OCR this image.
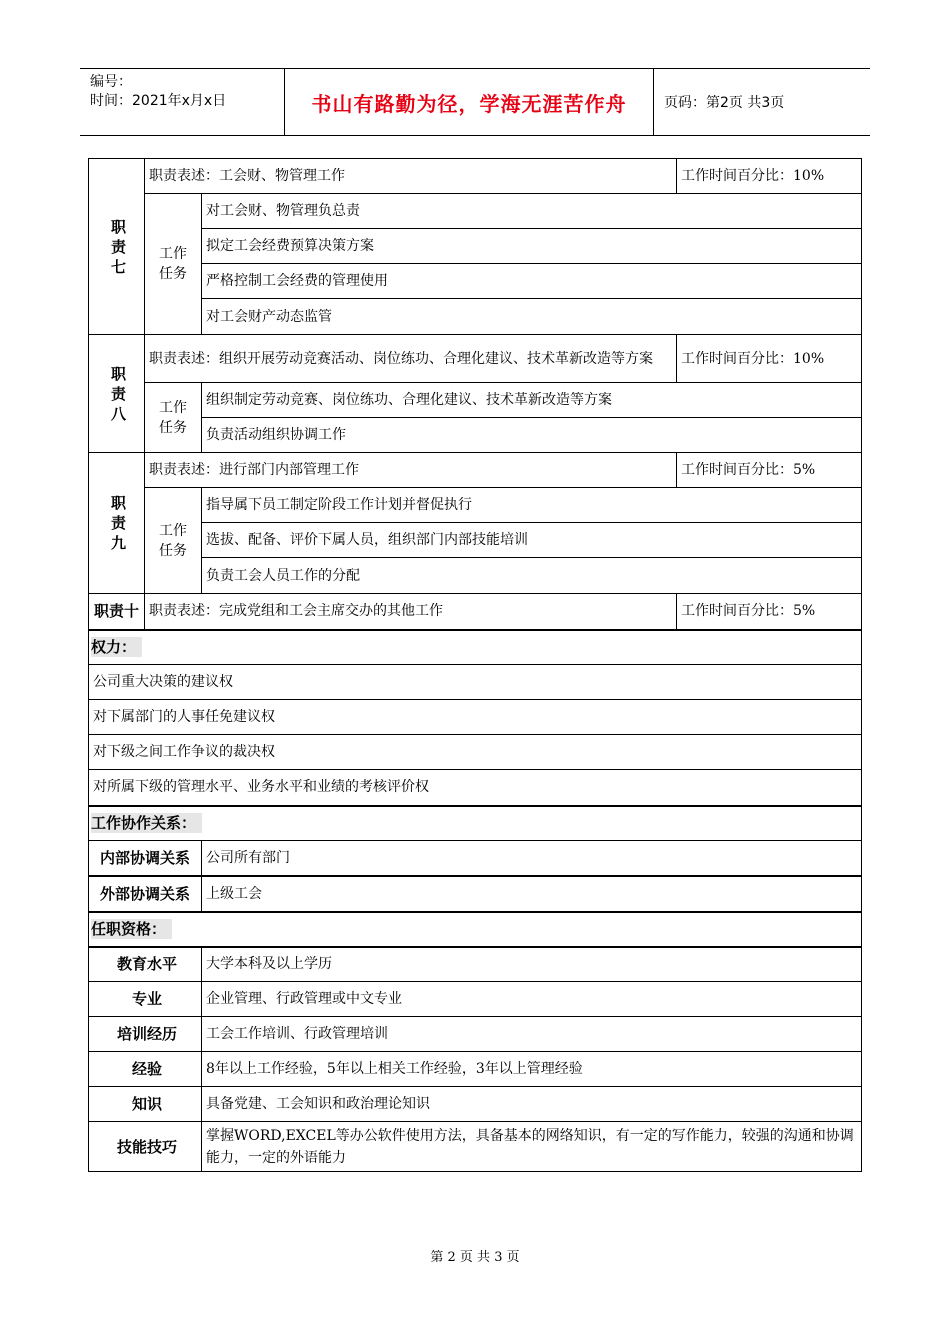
编号：
时间：2021年x月x日	书山有路勤为径，学海无涯苦作舟	页码：第2页 共3页
职
责
七	职责表述：工会财、物管理工作		工作时间百分比：10%

	工作
任务	对工会财、物管理负总责	
		拟定工会经费预算决策方案	
		严格控制工会经费的管理使用	
		对工会财产动态监管	

职
责
八	职责表述：组织开展劳动竞赛活动、岗位练功、合理化建议、技术革新改造等方案		工作时间百分比：10%

	工作
任务	组织制定劳动竞赛、岗位练功、合理化建议、技术革新改造等方案	
		负责活动组织协调工作	

职
责
九	职责表述：进行部门内部管理工作		工作时间百分比：5%

	工作
任务	指导属下员工制定阶段工作计划并督促执行	
		选拔、配备、评价下属人员，组织部门内部技能培训	
		负责工会人员工作的分配	
职责十	职责表述：完成党组和工会主席交办的其他工作		工作时间百分比：5%
权力：			
公司重大决策的建议权			
对下属部门的人事任免建议权			
对下级之间工作争议的裁决权			
对所属下级的管理水平、业务水平和业绩的考核评价权			
工作协作关系：			
内部协调关系		公司所有部门	
外部协调关系		上级工会	
任职资格：			
教育水平		大学本科及以上学历	
专业		企业管理、行政管理或中文专业	
培训经历		工会工作培训、行政管理培训	
经验		8年以上工作经验，5年以上相关工作经验，3年以上管理经验	
知识		具备党建、工会知识和政治理论知识	
技能技巧		掌握WORD,EXCEL等办公软件使用方法，具备基本的网络知识，有一定的写作能力，较强的沟通和协调能力，一定的外语能力	
第 2 页 共 3 页
